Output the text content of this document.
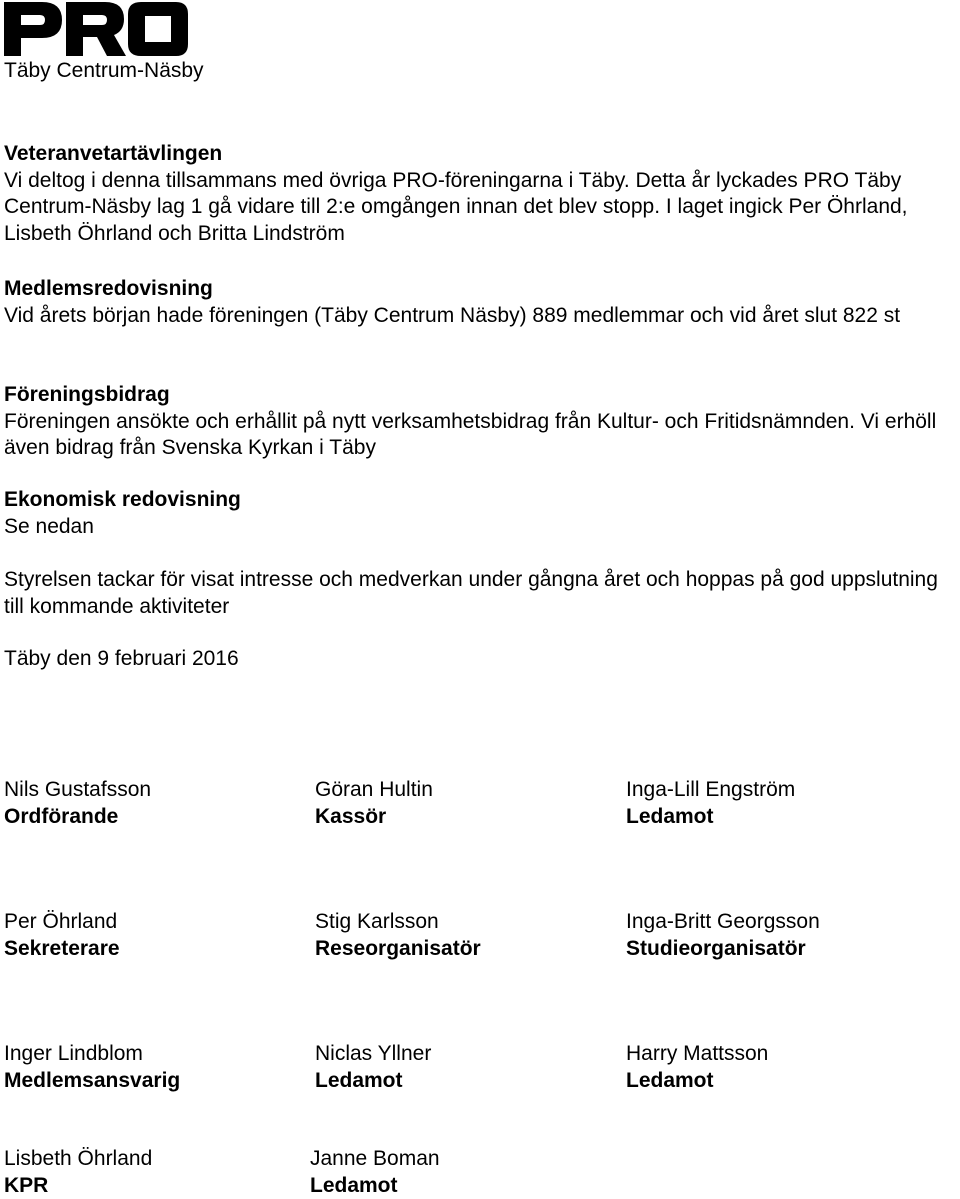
Täby Centrum-Näsby
Veteranvetartävlingen

Vi deltog i denna tillsammans med övriga PRO-föreningarna i Täby. Detta år lyckades PRO Täby Centrum-Näsby lag 1 gå vidare till 2:e omgången innan det blev stopp. I laget ingick Per Öhrland, Lisbeth Öhrland och Britta Lindström

Medlemsredovisning

Vid årets början hade föreningen (Täby Centrum Näsby) 889 medlemmar och vid året slut 822 st

Föreningsbidrag

Föreningen ansökte och erhållit på nytt verksamhetsbidrag från Kultur- och Fritidsnämnden. Vi erhöll även bidrag från Svenska Kyrkan i Täby

Ekonomisk redovisning

Se nedan

Styrelsen tackar för visat intresse och medverkan under gångna året och hoppas på god uppslutning till kommande aktiviteter

Täby den 9 februari 2016

Nils Gustafsson
Ordförande
Göran Hultin
Kassör
Inga-Lill Engström
Ledamot
Per Öhrland
Sekreterare
Stig Karlsson
Reseorganisatör
Inga-Britt Georgsson
Studieorganisatör
Inger Lindblom
Medlemsansvarig
Niclas Yllner
Ledamot
Harry Mattsson
Ledamot
Lisbeth Öhrland
KPR
Janne Boman
Ledamot
